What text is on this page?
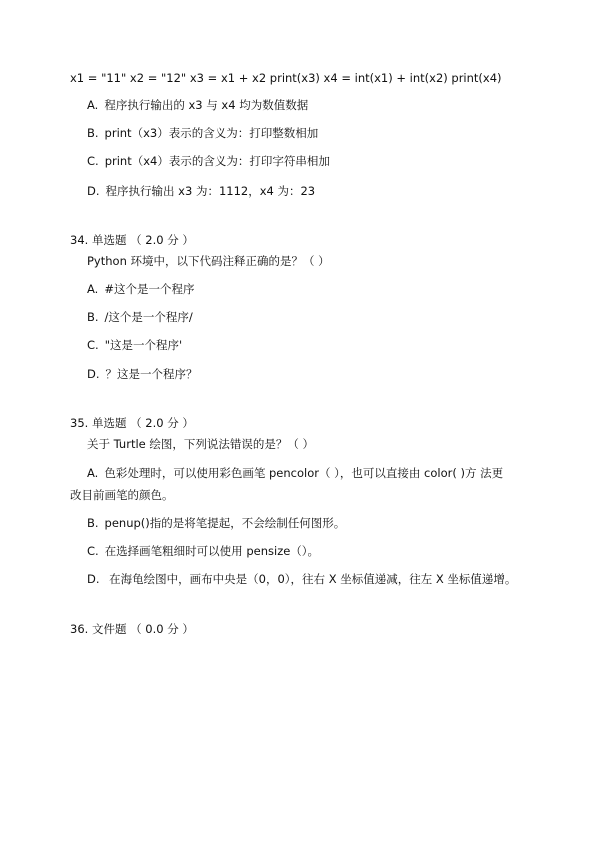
x1 = "11" x2 = "12" x3 = x1 + x2 print(x3) x4 = int(x1) + int(x2) print(x4)
A. 程序执行输出的 x3 与 x4 均为数值数据
B. print（x3）表示的含义为：打印整数相加
C. print（x4）表示的含义为：打印字符串相加
D. 程序执行输出 x3 为：1112，x4 为：23
34. 单选题 （ 2.0 分 ）
Python 环境中，以下代码注释正确的是？（ ）
A. #这个是一个程序
B. /这个是一个程序/
C. "这是一个程序'
D. ？这是一个程序？
35. 单选题 （ 2.0 分 ）
关于 Turtle 绘图，下列说法错误的是？（ ）
A. 色彩处理时，可以使用彩色画笔 pencolor（ ），也可以直接由 color( )方 法更
改目前画笔的颜色。
B. penup()指的是将笔提起，不会绘制任何图形。
C. 在选择画笔粗细时可以使用 pensize（）。
D. 在海龟绘图中，画布中央是（0，0），往右 X 坐标值递减，往左 X 坐标值递增。
36. 文件题 （ 0.0 分 ）
